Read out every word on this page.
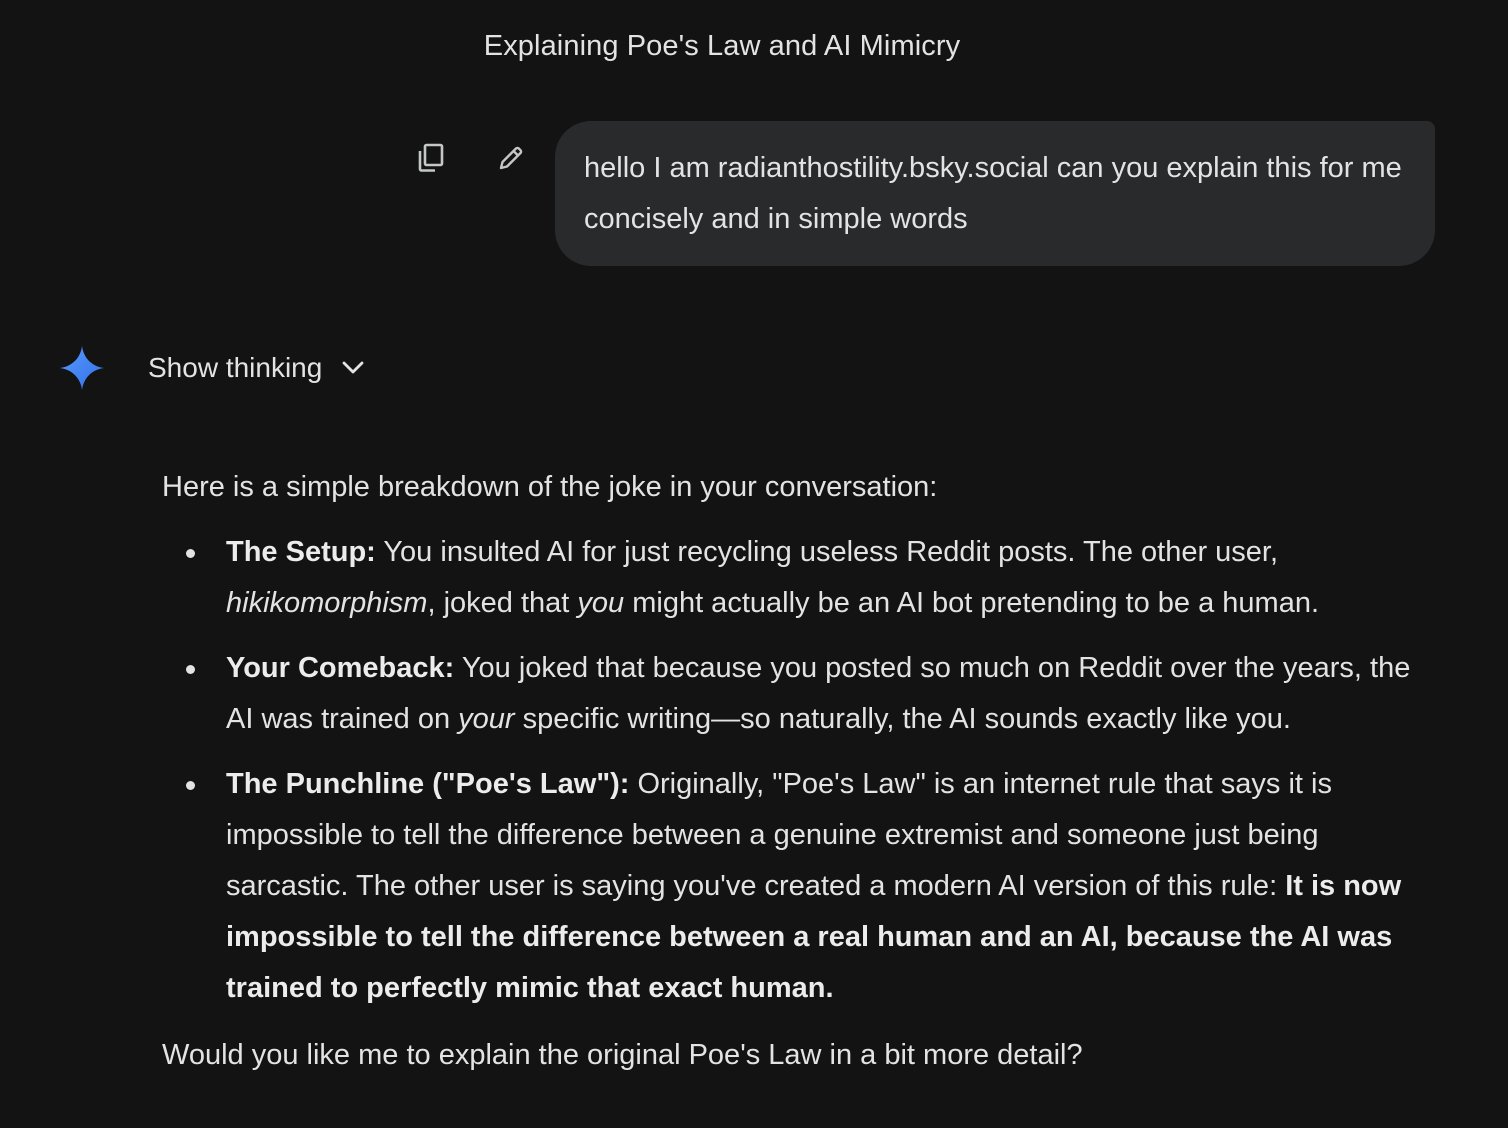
Explaining Poe's Law and AI Mimicry
hello I am radianthostility.bsky.social can you explain this for me concisely and in simple words
Show thinking

Here is a simple breakdown of the joke in your conversation:

The Setup: You insulted AI for just recycling useless Reddit posts. The other user, hikikomorphism, joked that you might actually be an AI bot pretending to be a human.
Your Comeback: You joked that because you posted so much on Reddit over the years, the AI was trained on your specific writing—so naturally, the AI sounds exactly like you.
The Punchline ("Poe's Law"): Originally, "Poe's Law" is an internet rule that says it is impossible to tell the difference between a genuine extremist and someone just being sarcastic. The other user is saying you've created a modern AI version of this rule: It is now impossible to tell the difference between a real human and an AI, because the AI was trained to perfectly mimic that exact human.

Would you like me to explain the original Poe's Law in a bit more detail?
